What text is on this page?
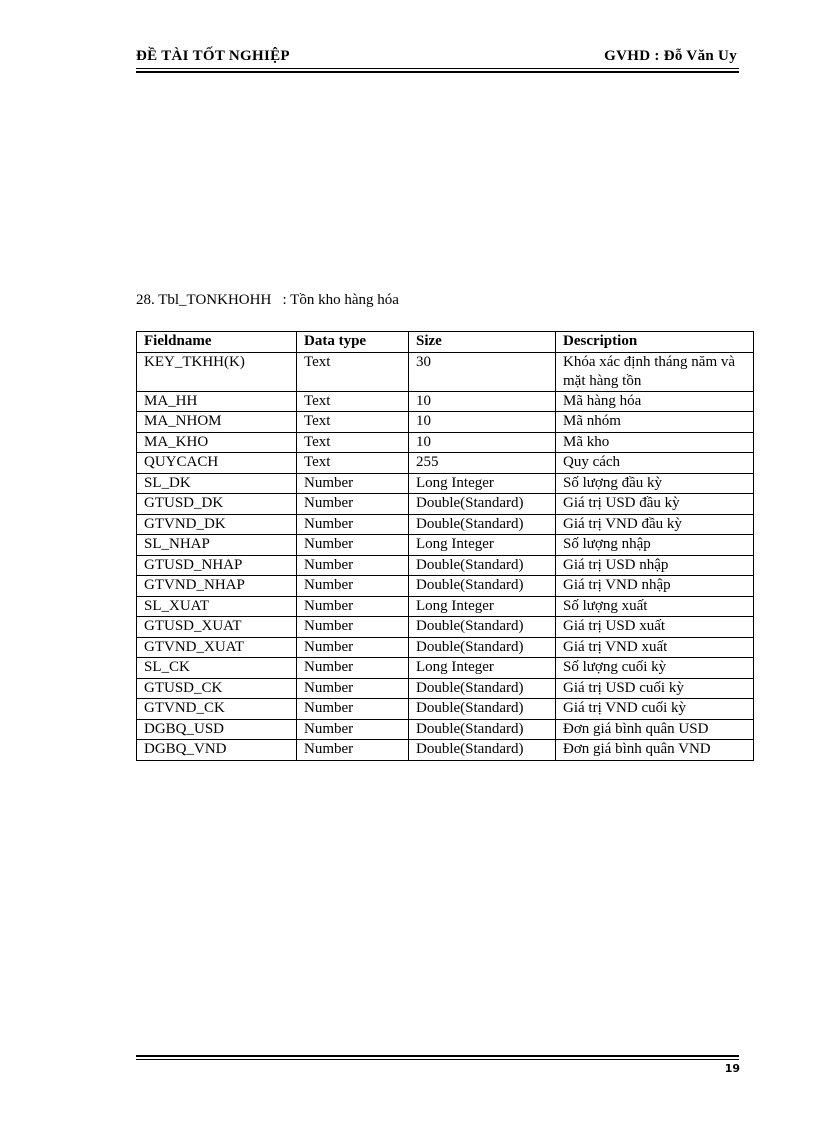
ĐỀ TÀI TỐT NGHIỆP	GVHD : Đỗ Văn Uy
28. Tbl_TONKHOHH   : Tồn kho hàng hóa
Fieldname	Data type	Size	Description
KEY_TKHH(K)	Text	30	Khóa xác định tháng năm và mặt hàng tồn
MA_HH	Text	10	Mã hàng hóa
MA_NHOM	Text	10	Mã nhóm
MA_KHO	Text	10	Mã kho
QUYCACH	Text	255	Quy cách
SL_DK	Number	Long Integer	Số lượng đầu kỳ
GTUSD_DK	Number	Double(Standard)	Giá trị USD đầu kỳ
GTVND_DK	Number	Double(Standard)	Giá trị VND đầu kỳ
SL_NHAP	Number	Long Integer	Số lượng nhập
GTUSD_NHAP	Number	Double(Standard)	Giá trị USD nhập
GTVND_NHAP	Number	Double(Standard)	Giá trị VND nhập
SL_XUAT	Number	Long Integer	Số lượng xuất
GTUSD_XUAT	Number	Double(Standard)	Giá trị USD xuất
GTVND_XUAT	Number	Double(Standard)	Giá trị VND xuất
SL_CK	Number	Long Integer	Số lượng cuối kỳ
GTUSD_CK	Number	Double(Standard)	Giá trị USD cuối kỳ
GTVND_CK	Number	Double(Standard)	Giá trị VND cuối kỳ
DGBQ_USD	Number	Double(Standard)	Đơn giá bình quân USD
DGBQ_VND	Number	Double(Standard)	Đơn giá bình quân VND
19
